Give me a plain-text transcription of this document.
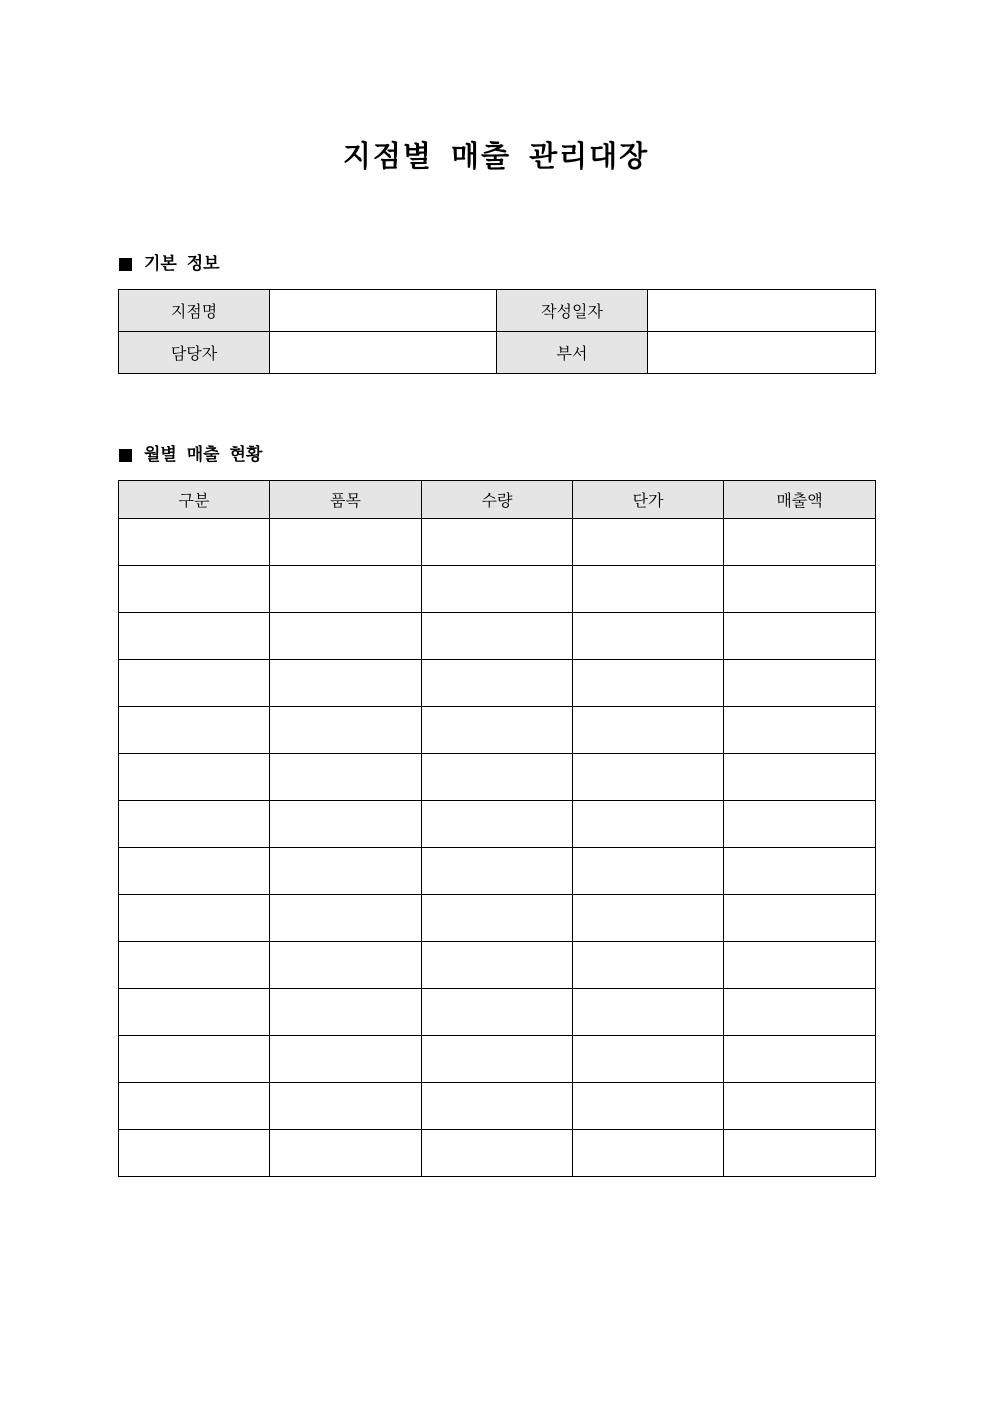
지점별 매출 관리대장
기본 정보
지점명		작성일자	
담당자		부서	
월별 매출 현황
구분	품목	수량	단가	매출액
